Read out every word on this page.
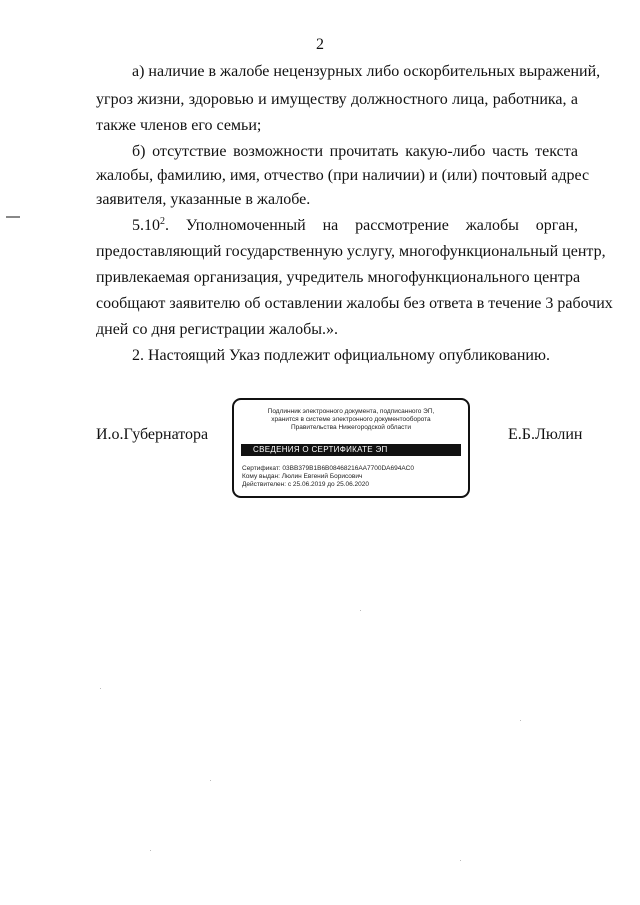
2
а) наличие в жалобе нецензурных либо оскорбительных выражений,
угроз жизни, здоровью и имуществу должностного лица, работника, а
также членов его семьи;
б) отсутствие возможности прочитать какую-либо часть текста
жалобы, фамилию, имя, отчество (при наличии) и (или) почтовый адрес
заявителя, указанные в жалобе.
5.10$^2$. Уполномоченный на рассмотрение жалобы орган,
предоставляющий государственную услугу, многофункциональный центр,
привлекаемая организация, учредитель многофункционального центра
сообщают заявителю об оставлении жалобы без ответа в течение 3 рабочих
дней со дня регистрации жалобы.».
2. Настоящий Указ подлежит официальному опубликованию.
И.о.Губернатора	Е.Б.Люлин
Подлинник электронного документа, подписанного ЭП,
хранится в системе электронного документооборота
Правительства Нижегородской области
СВЕДЕНИЯ О СЕРТИФИКАТЕ ЭП
Сертификат: 03BB379B1B6B08468216AA7700DA694AC0
Кому выдан: Люлин Евгений Борисович
Действителен: с 25.06.2019 до 25.06.2020
